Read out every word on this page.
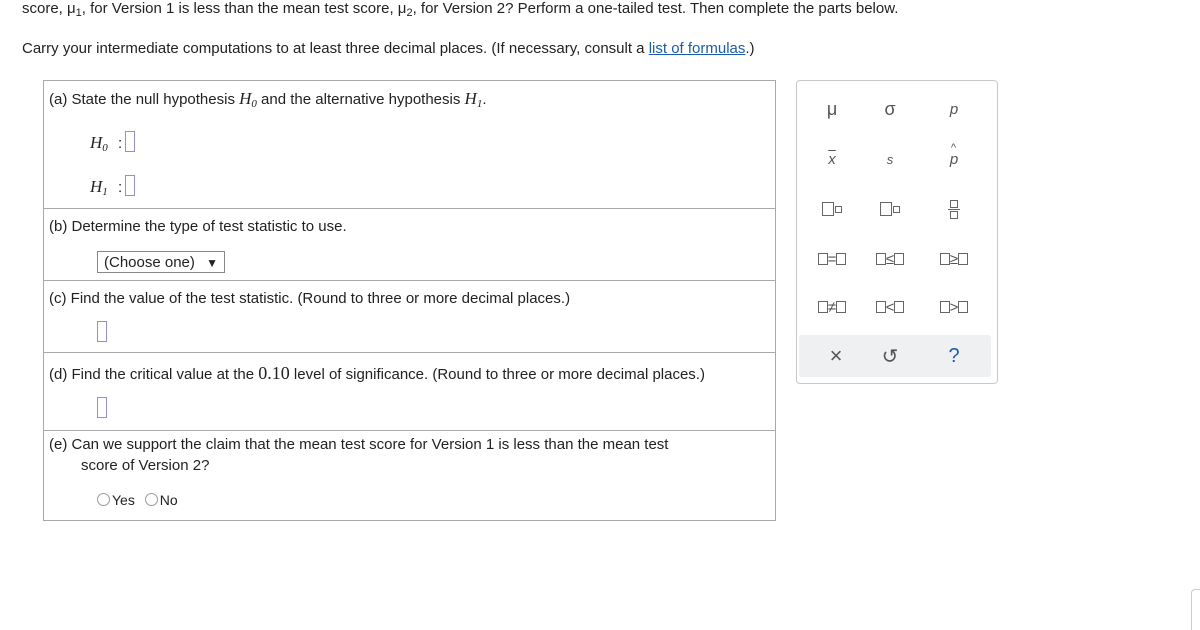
score, $\mu_1$, for Version 1 is less than the mean test score, $\mu_2$, for Version 2? Perform a one-tailed test. Then complete the parts below.
Carry your intermediate computations to at least three decimal places. (If necessary, consult a list of formulas.)
(a) State the null hypothesis $H_0$ and the alternative hypothesis $H_1$.
$H_0$ :
$H_1$ :
(b) Determine the type of test statistic to use.
(Choose one) ▼
(c) Find the value of the test statistic. (Round to three or more decimal places.)
(d) Find the critical value at the 0.10 level of significance. (Round to three or more decimal places.)
(e) Can we support the claim that the mean test score for Version 1 is less than the mean test
score of Version 2?
Yes No
μ	σ	p
$\overline{x}$	s
^
p
=	≤	≥
≠	<	>
×	↺	?
